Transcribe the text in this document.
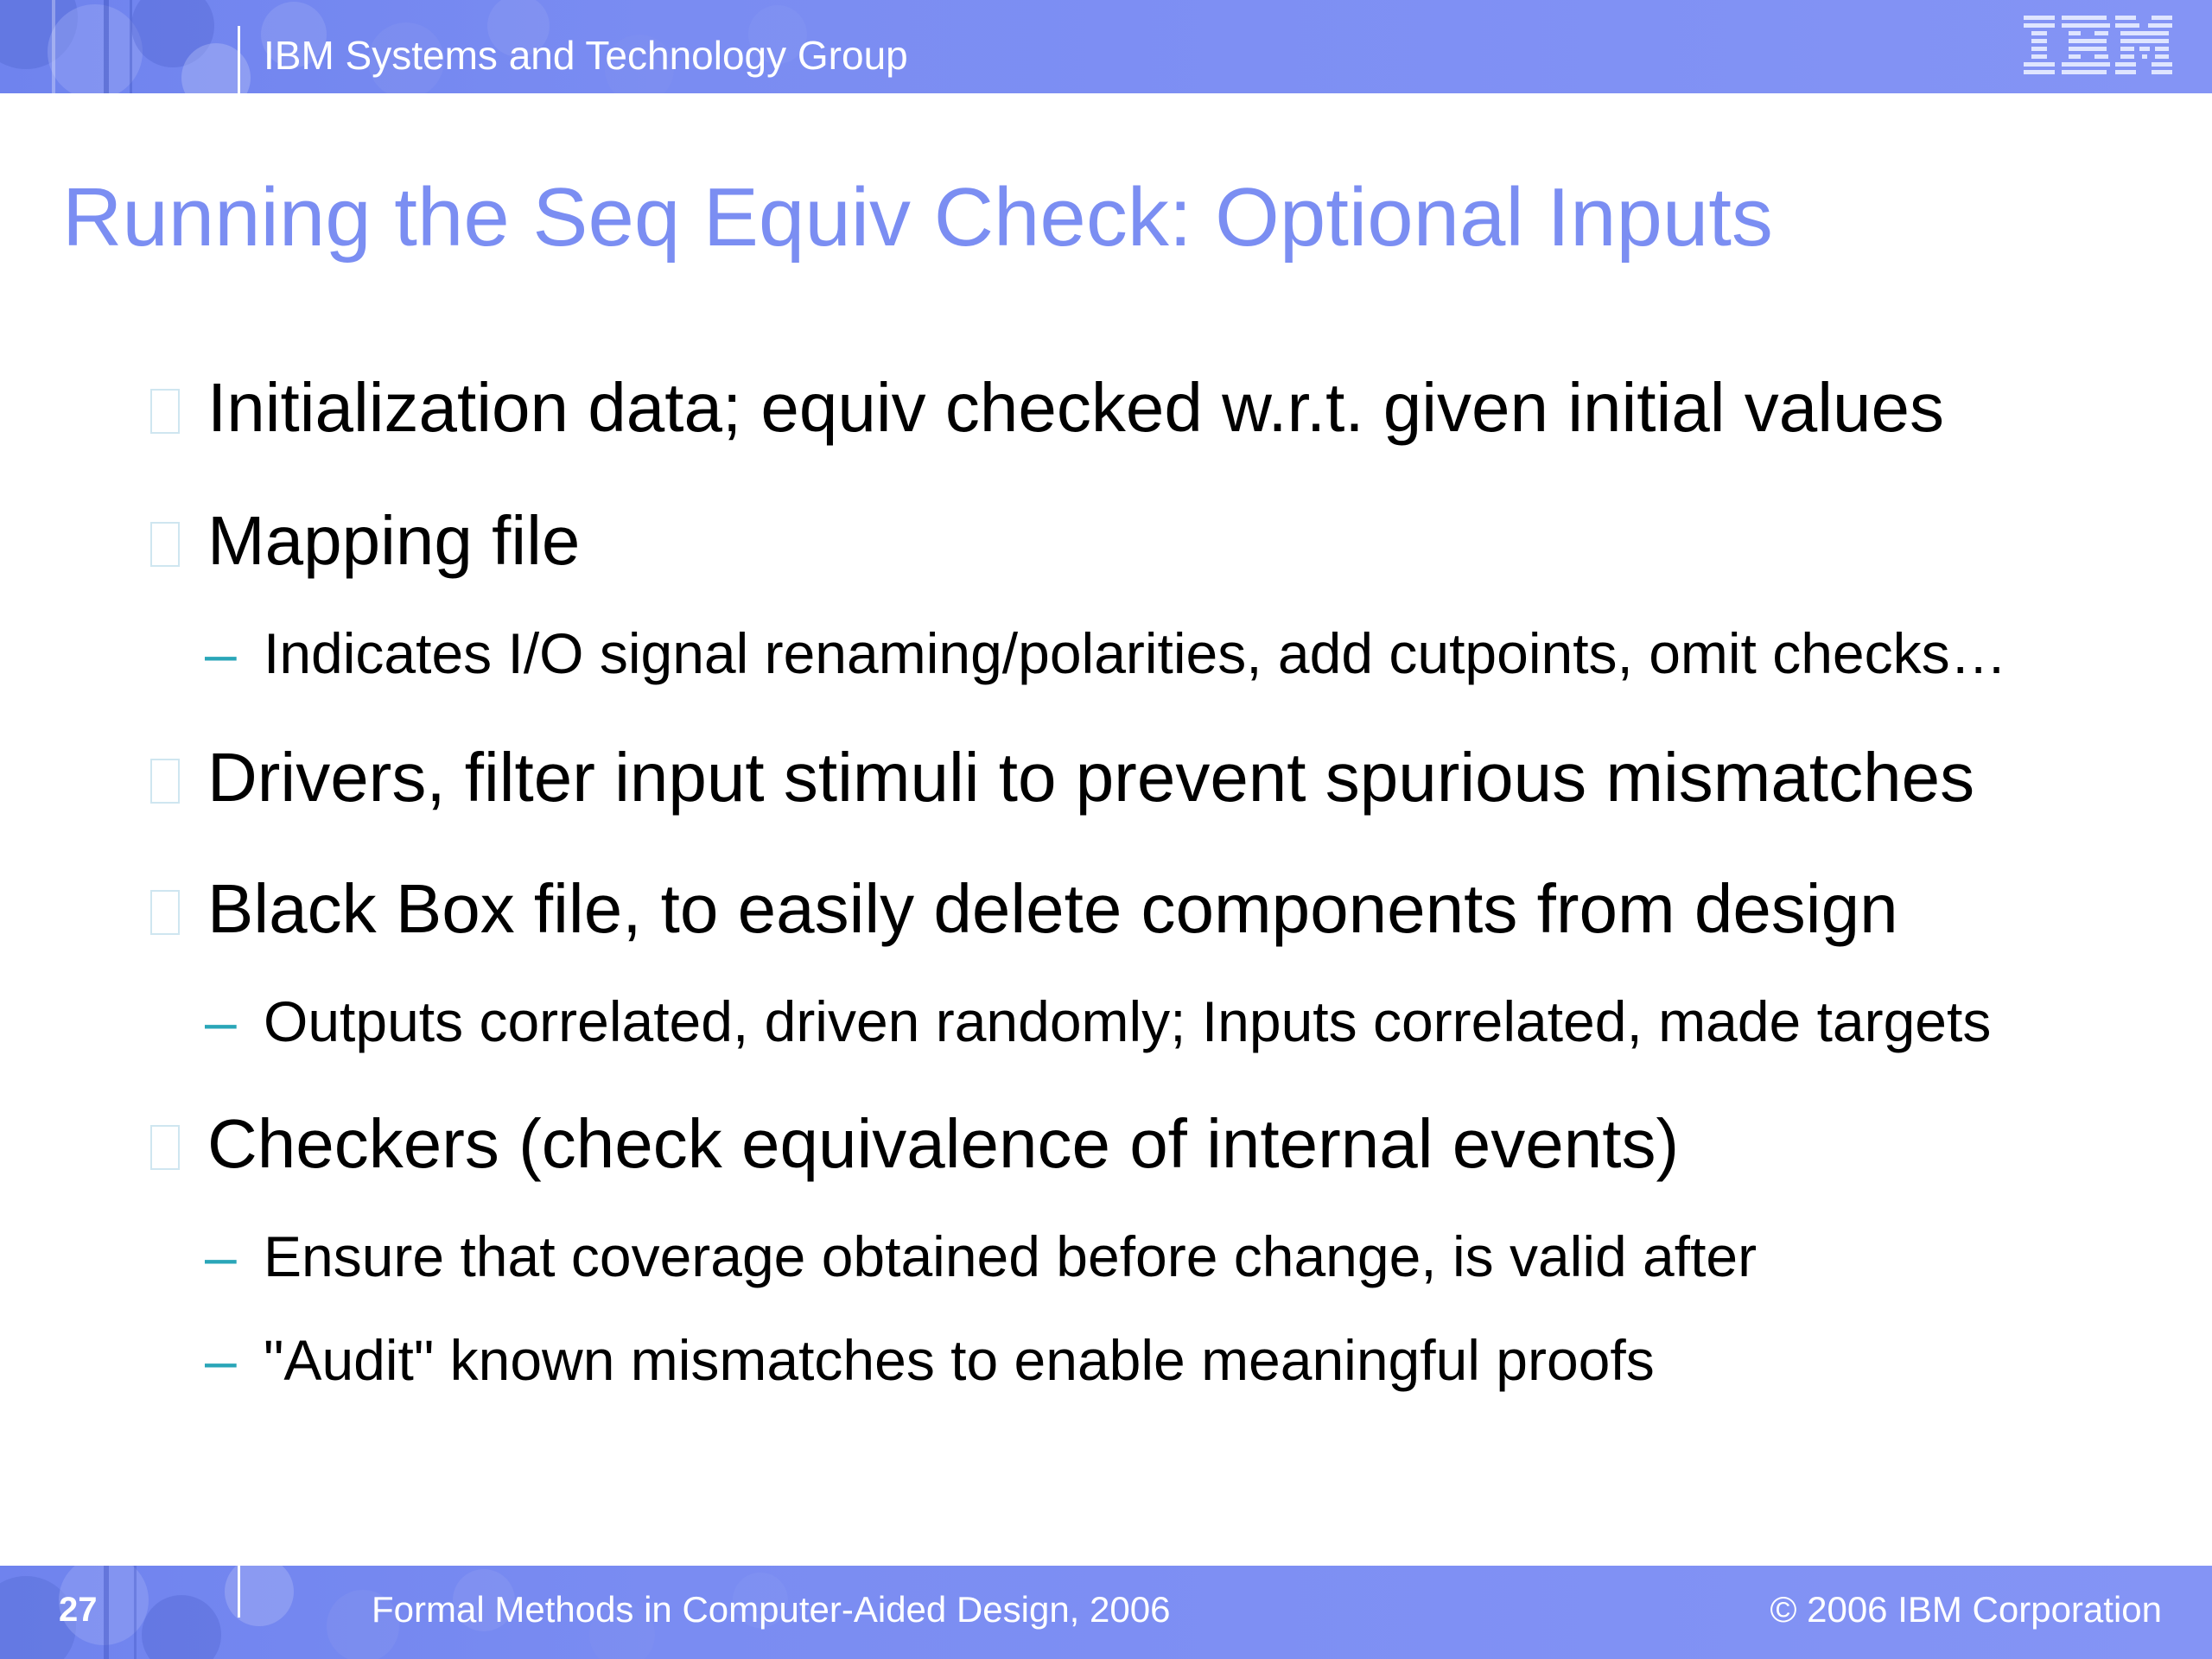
IBM Systems and Technology Group
Running the Seq Equiv Check: Optional Inputs
Initialization data; equiv checked w.r.t. given initial values
Mapping file
– Indicates I/O signal renaming/polarities, add cutpoints, omit checks…
Drivers, filter input stimuli to prevent spurious mismatches
Black Box file, to easily delete components from design
– Outputs correlated, driven randomly; Inputs correlated, made targets
Checkers (check equivalence of internal events)
– Ensure that coverage obtained before change, is valid after
– "Audit" known mismatches to enable meaningful proofs
27	Formal Methods in Computer-Aided Design, 2006	© 2006 IBM Corporation
